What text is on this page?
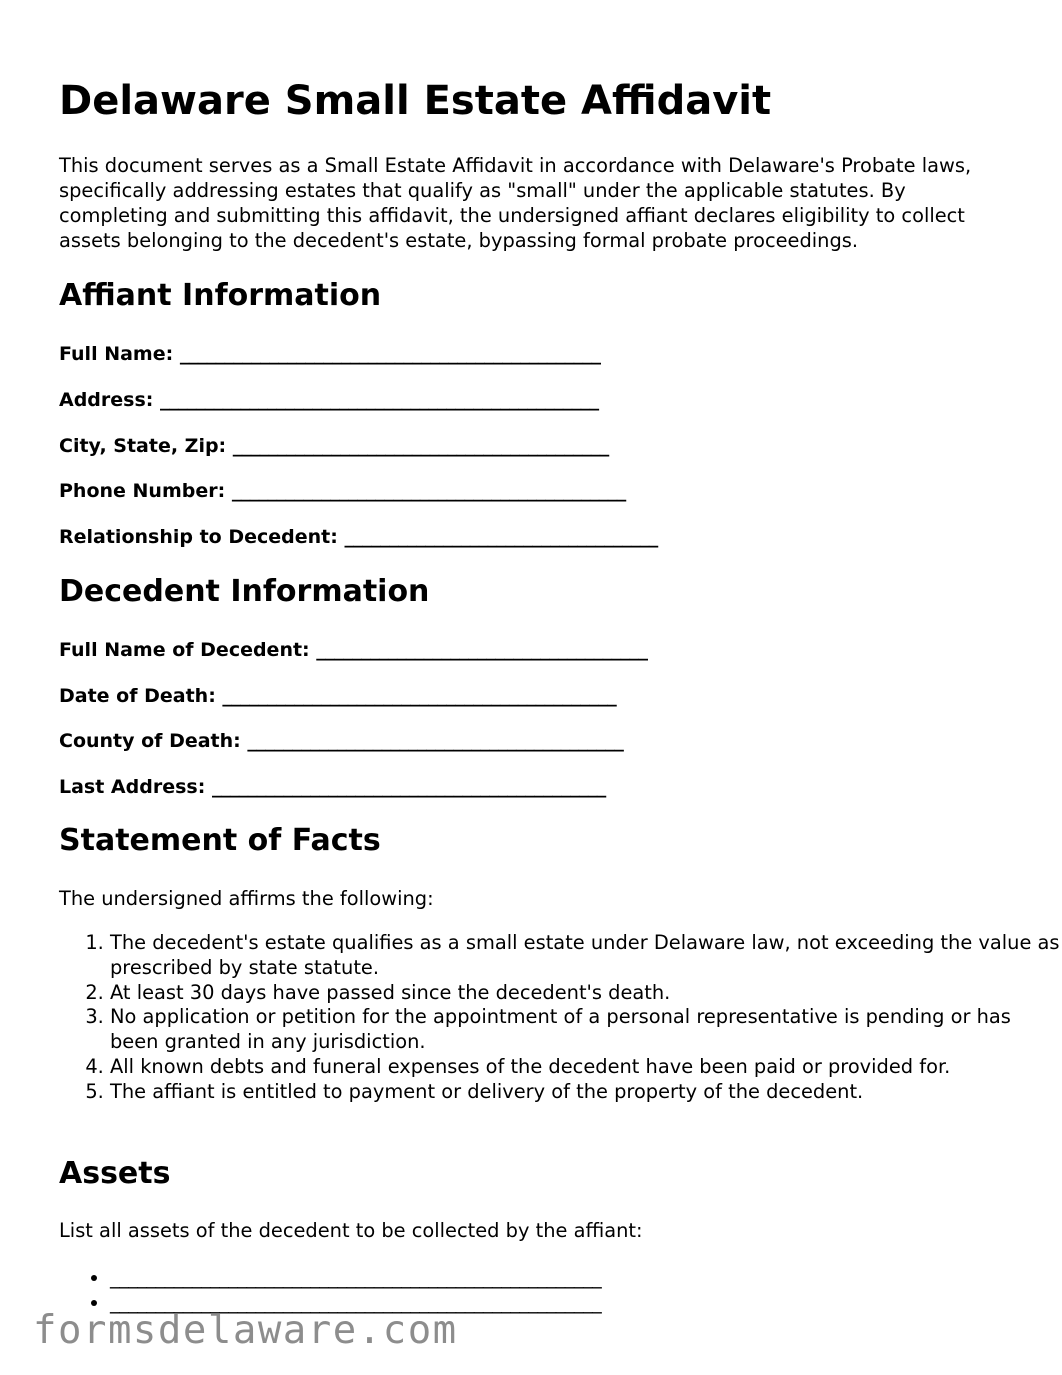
Delaware Small Estate Affidavit

This document serves as a Small Estate Affidavit in accordance with Delaware's Probate laws, specifically addressing estates that qualify as "small" under the applicable statutes. By completing and submitting this affidavit, the undersigned affiant declares eligibility to collect assets belonging to the decedent's estate, bypassing formal probate proceedings.

Affiant Information

Full Name: _______________________________________________

Address: _________________________________________________

City, State, Zip: __________________________________________

Phone Number: ____________________________________________

Relationship to Decedent: ___________________________________

Decedent Information

Full Name of Decedent: _____________________________________

Date of Death: ____________________________________________

County of Death: __________________________________________

Last Address: ____________________________________________

Statement of Facts

The undersigned affirms the following:

1. The decedent's estate qualifies as a small estate under Delaware law, not exceeding the value as prescribed by state statute.
2. At least 30 days have passed since the decedent's death.
3. No application or petition for the appointment of a personal representative is pending or has been granted in any jurisdiction.
4. All known debts and funeral expenses of the decedent have been paid or provided for.
5. The affiant is entitled to payment or delivery of the property of the decedent.
Assets

List all assets of the decedent to be collected by the affiant:

• ______________________________________________________
• ______________________________________________________
formsdelaware.com
